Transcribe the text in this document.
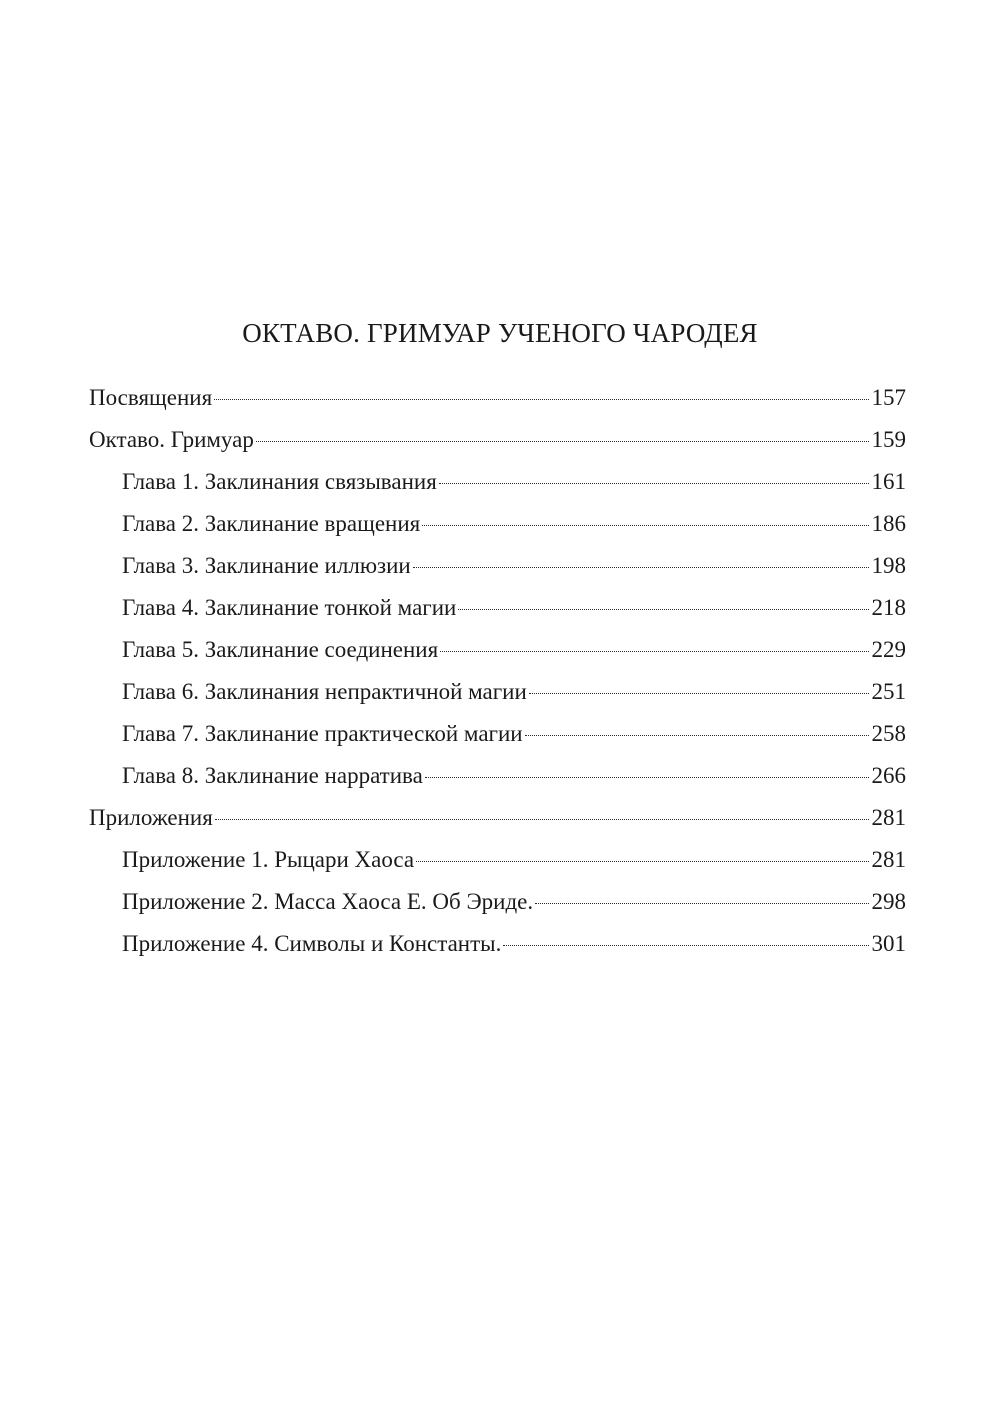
ОКТАВО. ГРИМУАР УЧЕНОГО ЧАРОДЕЯ
Посвящения	157
Октаво. Гримуар	159
Глава 1. Заклинания связывания	161
Глава 2. Заклинание вращения	186
Глава 3. Заклинание иллюзии	198
Глава 4. Заклинание тонкой магии	218
Глава 5. Заклинание соединения	229
Глава 6. Заклинания непрактичной магии	251
Глава 7. Заклинание практической магии	258
Глава 8. Заклинание нарратива	266
Приложения	281
Приложение 1. Рыцари Хаоса	281
Приложение 2. Масса Хаоса Е. Об Эриде.	298
Приложение 4. Символы и Константы.	301
